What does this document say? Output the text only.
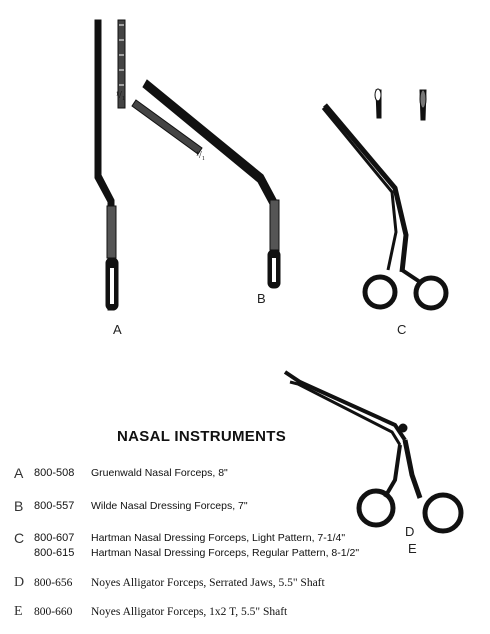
A
B
C
D
E
¹/₁
¹/₁
NASAL INSTRUMENTS
A 800-508 Gruenwald Nasal Forceps, 8"
B 800-557 Wilde Nasal Dressing Forceps, 7"
C 800-607 Hartman Nasal Dressing Forceps, Light Pattern, 7-1/4"
800-615 Hartman Nasal Dressing Forceps, Regular Pattern, 8-1/2"
D 800-656 Noyes Alligator Forceps, Serrated Jaws, 5.5" Shaft
E 800-660 Noyes Alligator Forceps, 1x2 T, 5.5" Shaft
